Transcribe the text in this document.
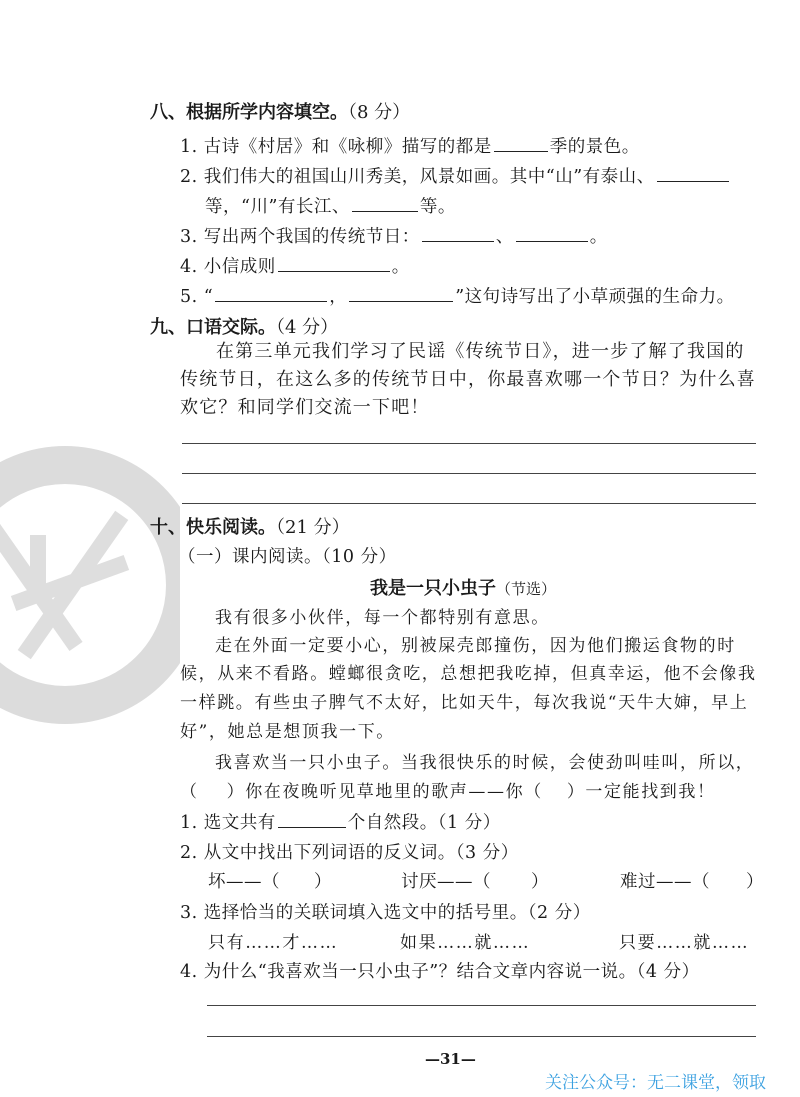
八、根据所学内容填空。（8 分）
1. 古诗《村居》和《咏柳》描写的都是	季的景色。
2. 我们伟大的祖国山川秀美，风景如画。其中“山”有泰山、
等，“川”有长江、	等。
3. 写出两个我国的传统节日：	、	。
4. 小信成则	。
5. “	，	”这句诗写出了小草顽强的生命力。
九、口语交际。（4 分）
在第三单元我们学习了民谣《传统节日》，进一步了解了我国的传统节日，在这么多的传统节日中，你最喜欢哪一个节日？为什么喜欢它？和同学们交流一下吧！
十、快乐阅读。（21 分）
（一）课内阅读。（10 分）
我是一只小虫子（节选）
我有很多小伙伴，每一个都特别有意思。
走在外面一定要小心，别被屎壳郎撞伤，因为他们搬运食物的时
候，从来不看路。螳螂很贪吃，总想把我吃掉，但真幸运，他不会像我
一样跳。有些虫子脾气不太好，比如天牛，每次我说“天牛大婶，早上
好”，她总是想顶我一下。
我喜欢当一只小虫子。当我很快乐的时候，会使劲叫哇叫，所以，
（ ）你在夜晚听见草地里的歌声——你（ ）一定能找到我！
1. 选文共有	个自然段。（1 分）
2. 从文中找出下列词语的反义词。（3 分）
坏——（ ）	讨厌——（ ）	难过——（ ）
3. 选择恰当的关联词填入选文中的括号里。（2 分）
只有……才……	如果……就……	只要……就……
4. 为什么“我喜欢当一只小虫子”？结合文章内容说一说。（4 分）
—31—
关注公众号：无二课堂，领取
